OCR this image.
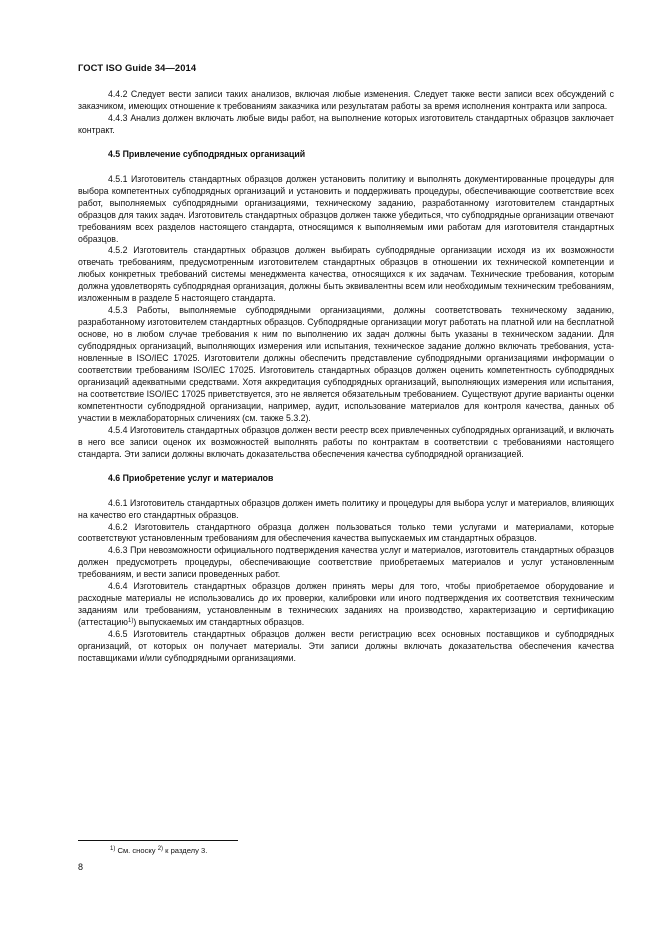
ГОСТ ISO Guide 34—2014

4.4.2 Следует вести записи таких анализов, включая любые изменения. Следует также вести записи всех обсуждений с заказчиком, имеющих отношение к требованиям заказчика или результатам работы за время исполнения контракта или запроса.

4.4.3 Анализ должен включать любые виды работ, на выполнение которых изготовитель стандартных образцов заключает контракт.

4.5 Привлечение субподрядных организаций

4.5.1 Изготовитель стандартных образцов должен установить политику и выполнять документированные процедуры для выбора компетентных субподрядных организаций и установить и поддерживать процедуры, обеспечивающие соответствие всех работ, выполняемых субподрядными организациями, техническому заданию, разработанному изготовителем стандартных образцов для таких задач. Изготовитель стандартных образцов должен также убедиться, что субподрядные организации отвечают требованиям всех разделов настоящего стандарта, относящимся к выполняемым ими работам для изготовителя стандартных образцов.

4.5.2 Изготовитель стандартных образцов должен выбирать субподрядные организации исходя из их возможности отвечать требованиям, предусмотренным изготовителем стандартных образцов в отношении их технической компетенции и любых конкретных требований системы менеджмента качества, относящихся к их задачам. Технические требования, которым должна удовлетворять субподрядная организация, должны быть эквивалентны всем или необходимым техническим требованиям, изложенным в разделе 5 настоящего стандарта.

4.5.3 Работы, выполняемые субподрядными организациями, должны соответствовать техническому заданию, разработанному изготовителем стандартных образцов. Субподрядные организации могут работать на платной или на бесплатной основе, но в любом случае требования к ним по выполнению их задач должны быть указаны в техническом задании. Для субподрядных организаций, выполняющих измерения или испытания, техническое задание должно включать требования, установленные в ISO/IEC 17025. Изготовители должны обеспечить представление субподрядными организациями информации о соответствии требованиям ISO/IEC 17025. Изготовитель стандартных образцов должен оценить компетентность субподрядных организаций адекватными средствами. Хотя аккредитация субподрядных организаций, выполняющих измерения или испытания, на соответствие ISO/IEC 17025 приветствуется, это не является обязательным требованием. Существуют другие варианты оценки компетентности субподрядной организации, например, аудит, использование материалов для контроля качества, данных об участии в межлабораторных сличениях (см. также 5.3.2).

4.5.4 Изготовитель стандартных образцов должен вести реестр всех привлеченных субподрядных организаций, и включать в него все записи оценок их возможностей выполнять работы по контрактам в соответствии с требованиями настоящего стандарта. Эти записи должны включать доказательства обеспечения качества субподрядной организацией.

4.6 Приобретение услуг и материалов

4.6.1 Изготовитель стандартных образцов должен иметь политику и процедуры для выбора услуг и материалов, влияющих на качество его стандартных образцов.

4.6.2 Изготовитель стандартного образца должен пользоваться только теми услугами и материалами, которые соответствуют установленным требованиям для обеспечения качества выпускаемых им стандартных образцов.

4.6.3 При невозможности официального подтверждения качества услуг и материалов, изготовитель стандартных образцов должен предусмотреть процедуры, обеспечивающие соответствие приобретаемых материалов и услуг установленным требованиям, и вести записи проведенных работ.

4.6.4 Изготовитель стандартных образцов должен принять меры для того, чтобы приобретаемое оборудование и расходные материалы не использовались до их проверки, калибровки или иного подтверждения их соответствия техническим заданиям или требованиям, установленным в технических заданиях на производство, характеризацию и сертификацию (аттестацию$^{1)}$) выпускаемых им стандартных образцов.

4.6.5 Изготовитель стандартных образцов должен вести регистрацию всех основных поставщиков и субподрядных организаций, от которых он получает материалы. Эти записи должны включать доказательства обеспечения качества поставщиками и/или субподрядными организациями.

$^{1)}$ См. сноску $^{2)}$ к разделу 3.
8
